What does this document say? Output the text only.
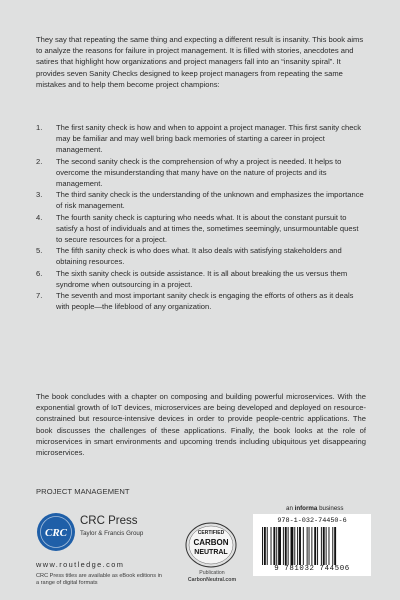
They say that repeating the same thing and expecting a different result is insanity. This book aims to analyze the reasons for failure in project management. It is filled with stories, anecdotes and satires that highlight how organizations and project managers fall into an “insanity spiral”. It provides seven Sanity Checks designed to keep project managers from repeating the same mistakes and to help them become project champions:

1. The first sanity check is how and when to appoint a project manager. This first sanity check may be familiar and may well bring back memories of starting a career in project management.
2. The second sanity check is the comprehension of why a project is needed. It helps to overcome the misunderstanding that many have on the nature of projects and its management.
3. The third sanity check is the understanding of the unknown and emphasizes the importance of risk management.
4. The fourth sanity check is capturing who needs what. It is about the constant pursuit to satisfy a host of individuals and at times the, sometimes seemingly, unsurmountable quest to secure resources for a project.
5. The fifth sanity check is who does what. It also deals with satisfying stakeholders and obtaining resources.
6. The sixth sanity check is outside assistance. It is all about breaking the us versus them syndrome when outsourcing in a project.
7. The seventh and most important sanity check is engaging the efforts of others as it deals with people—the lifeblood of any organization.

The book concludes with a chapter on composing and building powerful microservices. With the exponential growth of IoT devices, microservices are being developed and deployed on resource-constrained but resource-intensive devices in order to provide people-centric applications. The book discusses the challenges of these applications. Finally, the book looks at the role of microservices in smart environments and upcoming trends including ubiquitous yet disappearing microservices.

PROJECT MANAGEMENT
CRC
CRC Press
Taylor & Francis Group
www.routledge.com
CRC Press titles are available as eBook editions in a range of digital formats
CERTIFIED
CARBON
NEUTRAL
Publication
CarbonNeutral.com
an informa business
978-1-032-74450-6
9 781032 744506
